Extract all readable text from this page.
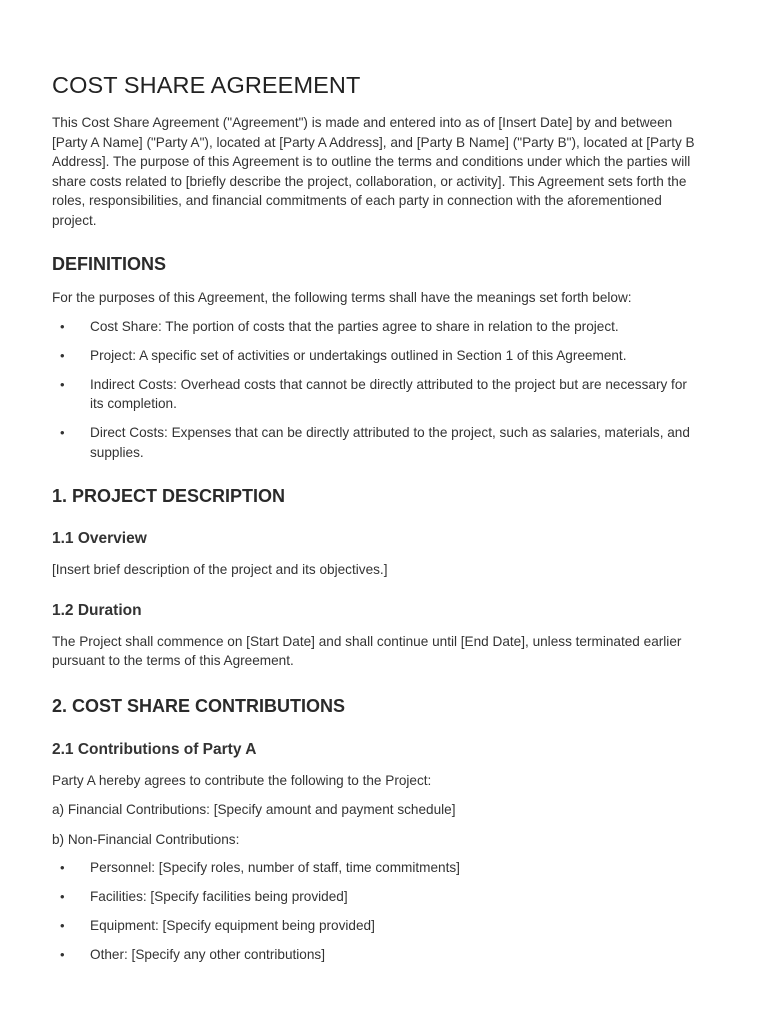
COST SHARE AGREEMENT

This Cost Share Agreement ("Agreement") is made and entered into as of [Insert Date] by and between [Party A Name] ("Party A"), located at [Party A Address], and [Party B Name] ("Party B"), located at [Party B Address]. The purpose of this Agreement is to outline the terms and conditions under which the parties will share costs related to [briefly describe the project, collaboration, or activity]. This Agreement sets forth the roles, responsibilities, and financial commitments of each party in connection with the aforementioned project.

DEFINITIONS

For the purposes of this Agreement, the following terms shall have the meanings set forth below:

• Cost Share: The portion of costs that the parties agree to share in relation to the project.
• Project: A specific set of activities or undertakings outlined in Section 1 of this Agreement.
• Indirect Costs: Overhead costs that cannot be directly attributed to the project but are necessary for its completion.
• Direct Costs: Expenses that can be directly attributed to the project, such as salaries, materials, and supplies.
1. PROJECT DESCRIPTION
1.1 Overview

[Insert brief description of the project and its objectives.]

1.2 Duration

The Project shall commence on [Start Date] and shall continue until [End Date], unless terminated earlier pursuant to the terms of this Agreement.

2. COST SHARE CONTRIBUTIONS
2.1 Contributions of Party A

Party A hereby agrees to contribute the following to the Project:

a) Financial Contributions: [Specify amount and payment schedule]

b) Non-Financial Contributions:

• Personnel: [Specify roles, number of staff, time commitments]
• Facilities: [Specify facilities being provided]
• Equipment: [Specify equipment being provided]
• Other: [Specify any other contributions]
